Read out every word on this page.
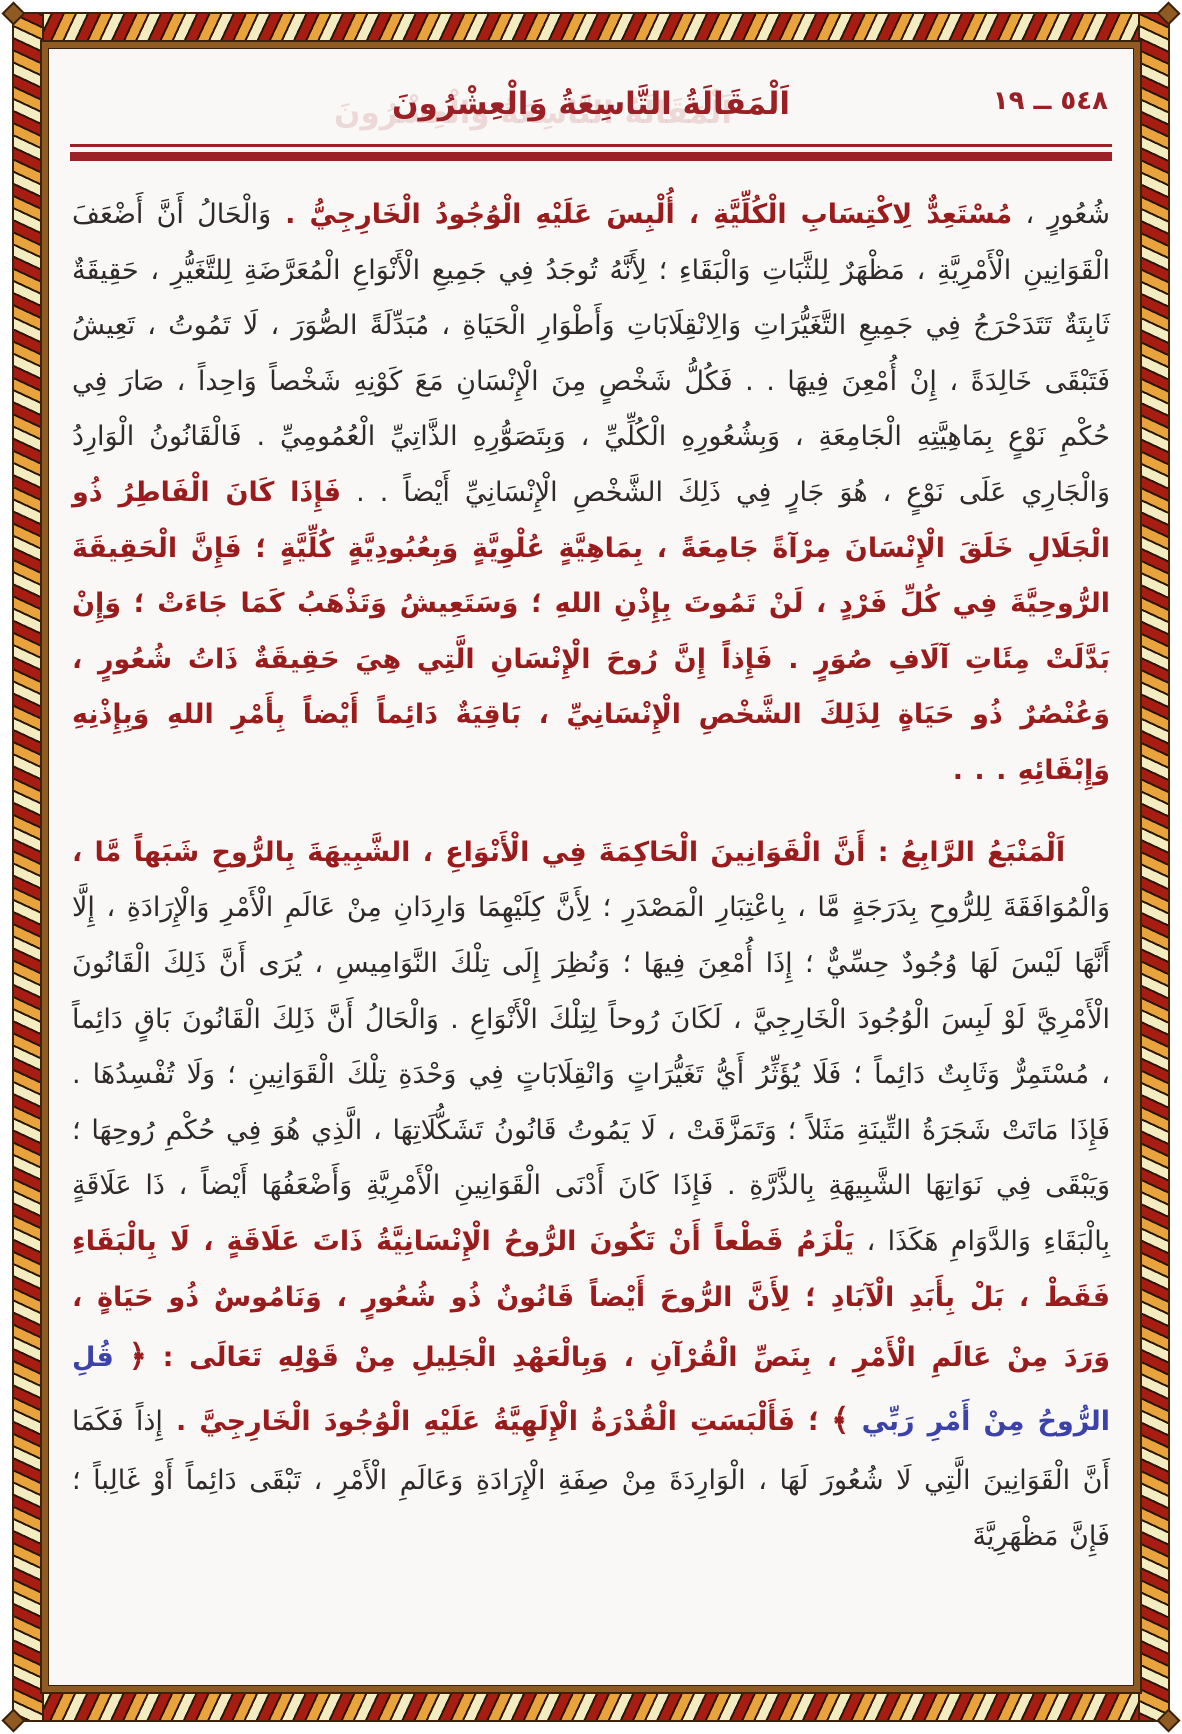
٥٤٨ ــ ١٩
اَلْمَقَالَةُ التَّاسِعَةُ وَالْعِشْرُونَ

شُعُورٍ ، مُسْتَعِدٌّ لِاكْتِسَابِ الْكُلِّيَّةِ ، أُلْبِسَ عَلَيْهِ الْوُجُودُ الْخَارِجِيُّ . وَالْحَالُ أَنَّ أَضْعَفَ الْقَوَانِينِ الْأَمْرِيَّةِ ، مَظْهَرٌ لِلثَّبَاتِ وَالْبَقَاءِ ؛ لِأَنَّهُ تُوجَدُ فِي جَمِيعِ الْأَنْوَاعِ الْمُعَرَّضَةِ لِلتَّغَيُّرِ ، حَقِيقَةٌ ثَابِتَةٌ تَتَدَحْرَجُ فِي جَمِيعِ التَّغَيُّرَاتِ وَالِانْقِلَابَاتِ وَأَطْوَارِ الْحَيَاةِ ، مُبَدِّلَةً الصُّوَرَ ، لَا تَمُوتُ ، تَعِيشُ فَتَبْقَى خَالِدَةً ، إِنْ أُمْعِنَ فِيهَا . . فَكُلُّ شَخْصٍ مِنَ الْإِنْسَانِ مَعَ كَوْنِهِ شَخْصاً وَاحِداً ، صَارَ فِي حُكْمِ نَوْعٍ بِمَاهِيَّتِهِ الْجَامِعَةِ ، وَبِشُعُورِهِ الْكُلِّيِّ ، وَبِتَصَوُّرِهِ الذَّاتِيِّ الْعُمُومِيِّ . فَالْقَانُونُ الْوَارِدُ وَالْجَارِي عَلَى نَوْعٍ ، هُوَ جَارٍ فِي ذَلِكَ الشَّخْصِ الْإِنْسَانِيِّ أَيْضاً . . فَإِذَا كَانَ الْفَاطِرُ ذُو الْجَلَالِ خَلَقَ الْإِنْسَانَ مِرْآةً جَامِعَةً ، بِمَاهِيَّةٍ عُلْوِيَّةٍ وَبِعُبُودِيَّةٍ كُلِّيَّةٍ ؛ فَإِنَّ الْحَقِيقَةَ الرُّوحِيَّةَ فِي كُلِّ فَرْدٍ ، لَنْ تَمُوتَ بِإِذْنِ اللهِ ؛ وَسَتَعِيشُ وَتَذْهَبُ كَمَا جَاءَتْ ؛ وَإِنْ بَدَّلَتْ مِئَاتِ آلَافِ صُوَرٍ . فَإِذاً إِنَّ رُوحَ الْإِنْسَانِ الَّتِي هِيَ حَقِيقَةٌ ذَاتُ شُعُورٍ ، وَعُنْصُرٌ ذُو حَيَاةٍ لِذَلِكَ الشَّخْصِ الْإِنْسَانِيِّ ، بَاقِيَةٌ دَائِماً أَيْضاً بِأَمْرِ اللهِ وَبِإِذْنِهِ وَإِبْقَائِهِ . . .

اَلْمَنْبَعُ الرَّابِعُ : أَنَّ الْقَوَانِينَ الْحَاكِمَةَ فِي الْأَنْوَاعِ ، الشَّبِيهَةَ بِالرُّوحِ شَبَهاً مَّا ، وَالْمُوَافَقَةَ لِلرُّوحِ بِدَرَجَةٍ مَّا ، بِاعْتِبَارِ الْمَصْدَرِ ؛ لِأَنَّ كِلَيْهِمَا وَارِدَانِ مِنْ عَالَمِ الْأَمْرِ وَالْإِرَادَةِ ، إِلَّا أَنَّهَا لَيْسَ لَهَا وُجُودٌ حِسِّيٌّ ؛ إِذَا أُمْعِنَ فِيهَا ؛ وَنُظِرَ إِلَى تِلْكَ النَّوَامِيسِ ، يُرَى أَنَّ ذَلِكَ الْقَانُونَ الْأَمْرِيَّ لَوْ لَبِسَ الْوُجُودَ الْخَارِجِيَّ ، لَكَانَ رُوحاً لِتِلْكَ الْأَنْوَاعِ . وَالْحَالُ أَنَّ ذَلِكَ الْقَانُونَ بَاقٍ دَائِماً ، مُسْتَمِرٌّ وَثَابِتٌ دَائِماً ؛ فَلَا يُؤَثِّرُ أَيُّ تَغَيُّرَاتٍ وَانْقِلَابَاتٍ فِي وَحْدَةِ تِلْكَ الْقَوَانِينِ ؛ وَلَا تُفْسِدُهَا . فَإِذَا مَاتَتْ شَجَرَةُ التِّينَةِ مَثَلاً ؛ وَتَمَزَّقَتْ ، لَا يَمُوتُ قَانُونُ تَشَكُّلَاتِهَا ، الَّذِي هُوَ فِي حُكْمِ رُوحِهَا ؛ وَيَبْقَى فِي نَوَاتِهَا الشَّبِيهَةِ بِالذَّرَّةِ . فَإِذَا كَانَ أَدْنَى الْقَوَانِينِ الْأَمْرِيَّةِ وَأَضْعَفُهَا أَيْضاً ، ذَا عَلَاقَةٍ بِالْبَقَاءِ وَالدَّوَامِ هَكَذَا ، يَلْزَمُ قَطْعاً أَنْ تَكُونَ الرُّوحُ الْإِنْسَانِيَّةُ ذَاتَ عَلَاقَةٍ ، لَا بِالْبَقَاءِ فَقَطْ ، بَلْ بِأَبَدِ الْآبَادِ ؛ لِأَنَّ الرُّوحَ أَيْضاً قَانُونٌ ذُو شُعُورٍ ، وَنَامُوسٌ ذُو حَيَاةٍ ، وَرَدَ مِنْ عَالَمِ الْأَمْرِ ، بِنَصِّ الْقُرْآنِ ، وَبِالْعَهْدِ الْجَلِيلِ مِنْ قَوْلِهِ تَعَالَى : ﴿ قُلِ الرُّوحُ مِنْ أَمْرِ رَبِّي ﴾ ؛ فَأَلْبَسَتِ الْقُدْرَةُ الْإِلَهِيَّةُ عَلَيْهِ الْوُجُودَ الْخَارِجِيَّ . إِذاً فَكَمَا أَنَّ الْقَوَانِينَ الَّتِي لَا شُعُورَ لَهَا ، الْوَارِدَةَ مِنْ صِفَةِ الْإِرَادَةِ وَعَالَمِ الْأَمْرِ ، تَبْقَى دَائِماً أَوْ غَالِباً ؛ فَإِنَّ مَظْهَرِيَّةَ
